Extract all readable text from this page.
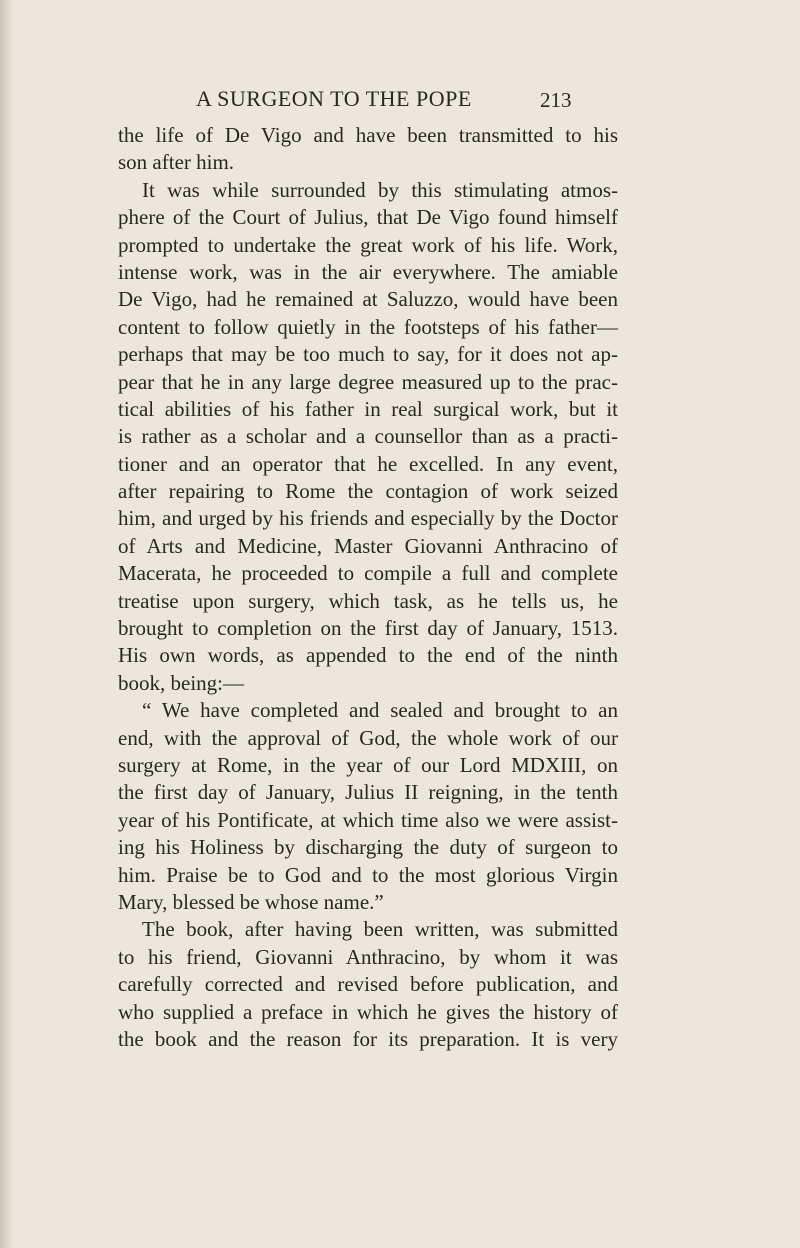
A SURGEON TO THE POPE	213
the life of De Vigo and have been transmitted to his
son after him.
It was while surrounded by this stimulating atmos-
phere of the Court of Julius, that De Vigo found himself
prompted to undertake the great work of his life. Work,
intense work, was in the air everywhere. The amiable
De Vigo, had he remained at Saluzzo, would have been
content to follow quietly in the footsteps of his father—
perhaps that may be too much to say, for it does not ap-
pear that he in any large degree measured up to the prac-
tical abilities of his father in real surgical work, but it
is rather as a scholar and a counsellor than as a practi-
tioner and an operator that he excelled. In any event,
after repairing to Rome the contagion of work seized
him, and urged by his friends and especially by the Doctor
of Arts and Medicine, Master Giovanni Anthracino of
Macerata, he proceeded to compile a full and complete
treatise upon surgery, which task, as he tells us, he
brought to completion on the first day of January, 1513.
His own words, as appended to the end of the ninth
book, being:—
“ We have completed and sealed and brought to an
end, with the approval of God, the whole work of our
surgery at Rome, in the year of our Lord MDXIII, on
the first day of January, Julius II reigning, in the tenth
year of his Pontificate, at which time also we were assist-
ing his Holiness by discharging the duty of surgeon to
him. Praise be to God and to the most glorious Virgin
Mary, blessed be whose name.”
The book, after having been written, was submitted
to his friend, Giovanni Anthracino, by whom it was
carefully corrected and revised before publication, and
who supplied a preface in which he gives the history of
the book and the reason for its preparation. It is very
